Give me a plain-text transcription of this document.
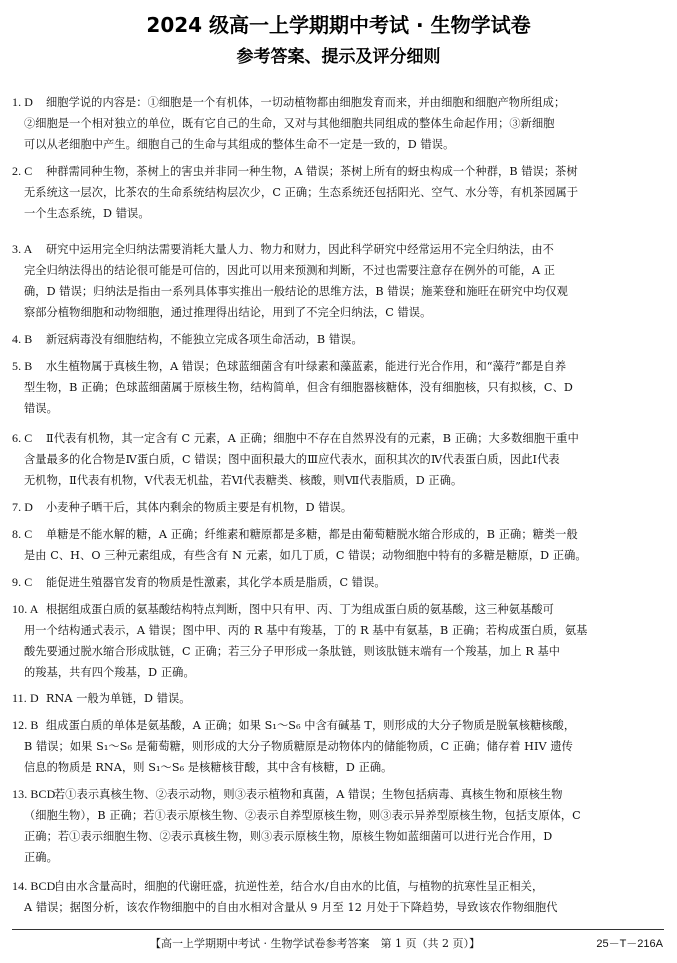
2024 级高一上学期期中考试 · 生物学试卷
参考答案、提示及评分细则
1. D 细胞学说的内容是：①细胞是一个有机体，一切动植物都由细胞发育而来，并由细胞和细胞产物所组成；
②细胞是一个相对独立的单位，既有它自己的生命，又对与其他细胞共同组成的整体生命起作用；③新细胞
可以从老细胞中产生。细胞自己的生命与其组成的整体生命不一定是一致的，D 错误。
2. C 种群需同种生物，茶树上的害虫并非同一种生物，A 错误；茶树上所有的蚜虫构成一个种群，B 错误；茶树
无系统这一层次，比茶农的生命系统结构层次少，C 正确；生态系统还包括阳光、空气、水分等，有机茶园属于
一个生态系统，D 错误。
3. A 研究中运用完全归纳法需要消耗大量人力、物力和财力，因此科学研究中经常运用不完全归纳法，由不
完全归纳法得出的结论很可能是可信的，因此可以用来预测和判断，不过也需要注意存在例外的可能，A 正
确，D 错误；归纳法是指由一系列具体事实推出一般结论的思维方法，B 错误；施莱登和施旺在研究中均仅观
察部分植物细胞和动物细胞，通过推理得出结论，用到了不完全归纳法，C 错误。
4. B 新冠病毒没有细胞结构，不能独立完成各项生命活动，B 错误。
5. B 水生植物属于真核生物，A 错误；色球蓝细菌含有叶绿素和藻蓝素，能进行光合作用，和“藻荇”都是自养
型生物，B 正确；色球蓝细菌属于原核生物，结构简单，但含有细胞器核糖体，没有细胞核，只有拟核，C、D
错误。
6. C Ⅱ代表有机物，其一定含有 C 元素，A 正确；细胞中不存在自然界没有的元素，B 正确；大多数细胞干重中
含量最多的化合物是Ⅳ蛋白质，C 错误；图中面积最大的Ⅲ应代表水，面积其次的Ⅳ代表蛋白质，因此Ⅰ代表
无机物，Ⅱ代表有机物，Ⅴ代表无机盐，若Ⅵ代表糖类、核酸，则Ⅶ代表脂质，D 正确。
7. D 小麦种子晒干后，其体内剩余的物质主要是有机物，D 错误。
8. C 单糖是不能水解的糖，A 正确；纤维素和糖原都是多糖，都是由葡萄糖脱水缩合形成的，B 正确；糖类一般
是由 C、H、O 三种元素组成，有些含有 N 元素，如几丁质，C 错误；动物细胞中特有的多糖是糖原，D 正确。
9. C 能促进生殖器官发育的物质是性激素，其化学本质是脂质，C 错误。
10. A 根据组成蛋白质的氨基酸结构特点判断，图中只有甲、丙、丁为组成蛋白质的氨基酸，这三种氨基酸可
用一个结构通式表示，A 错误；图中甲、丙的 R 基中有羧基，丁的 R 基中有氨基，B 正确；若构成蛋白质，氨基
酸先要通过脱水缩合形成肽链，C 正确；若三分子甲形成一条肽链，则该肽链末端有一个羧基，加上 R 基中
的羧基，共有四个羧基，D 正确。
11. D RNA 一般为单链，D 错误。
12. B 组成蛋白质的单体是氨基酸，A 正确；如果 S₁～S₆ 中含有碱基 T，则形成的大分子物质是脱氧核糖核酸，
B 错误；如果 S₁～S₆ 是葡萄糖，则形成的大分子物质糖原是动物体内的储能物质，C 正确；储存着 HIV 遗传
信息的物质是 RNA，则 S₁～S₆ 是核糖核苷酸，其中含有核糖，D 正确。
13. BCD若①表示真核生物、②表示动物，则③表示植物和真菌，A 错误；生物包括病毒、真核生物和原核生物
（细胞生物），B 正确；若①表示原核生物、②表示自养型原核生物，则③表示异养型原核生物，包括支原体，C
正确；若①表示细胞生物、②表示真核生物，则③表示原核生物，原核生物如蓝细菌可以进行光合作用，D
正确。
14. BCD自由水含量高时，细胞的代谢旺盛，抗逆性差，结合水/自由水的比值，与植物的抗寒性呈正相关，
A 错误；据图分析，该农作物细胞中的自由水相对含量从 9 月至 12 月处于下降趋势，导致该农作物细胞代
【高一上学期期中考试 · 生物学试卷参考答案　第 1 页（共 2 页）】	25－T－216A
